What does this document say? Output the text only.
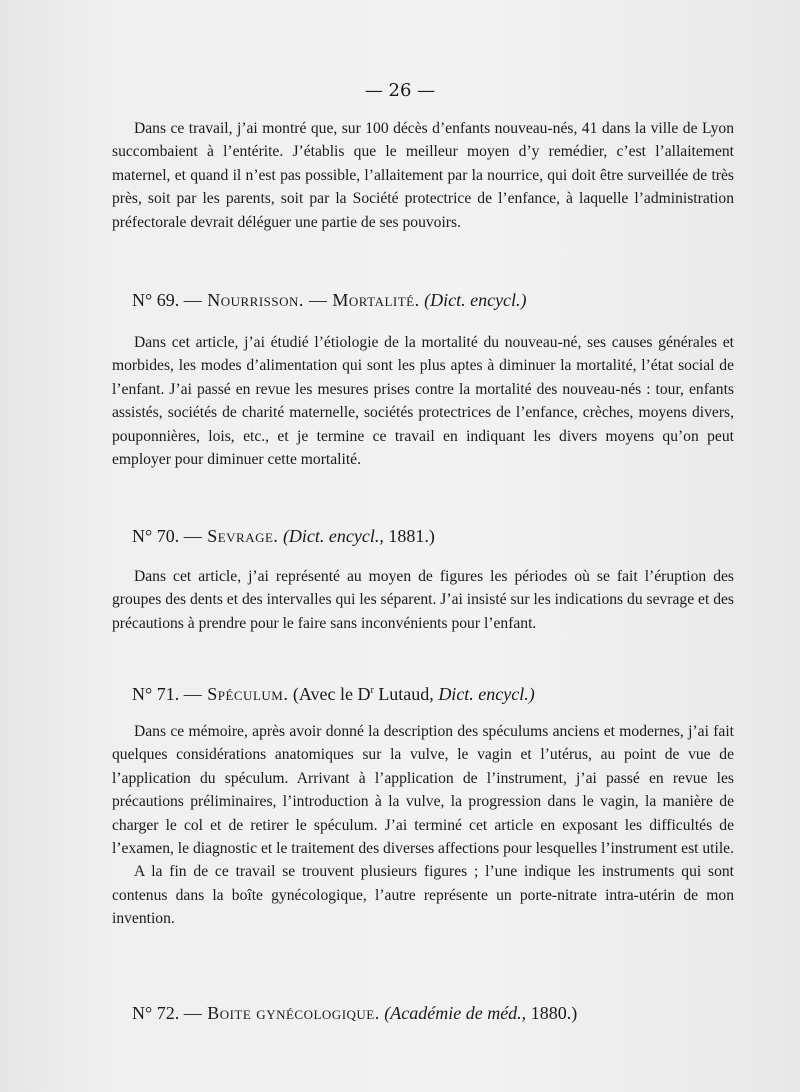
— 26 —

Dans ce travail, j’ai montré que, sur 100 décès d’enfants nouveau-nés, 41 dans la ville de Lyon succombaient à l’entérite. J’établis que le meilleur moyen d’y remédier, c’est l’allaitement maternel, et quand il n’est pas possible, l’allaitement par la nourrice, qui doit être surveillée de très près, soit par les parents, soit par la Société protectrice de l’enfance, à laquelle l’administration préfectorale devrait déléguer une partie de ses pouvoirs.

N° 69. — Nourrisson. — Mortalité. (Dict. encycl.)

Dans cet article, j’ai étudié l’étiologie de la mortalité du nouveau-né, ses causes générales et morbides, les modes d’alimentation qui sont les plus aptes à diminuer la mortalité, l’état social de l’enfant. J’ai passé en revue les mesures prises contre la mortalité des nouveau-nés : tour, enfants assistés, sociétés de charité maternelle, sociétés protectrices de l’enfance, crèches, moyens divers, pouponnières, lois, etc., et je termine ce travail en indiquant les divers moyens qu’on peut employer pour diminuer cette mortalité.

N° 70. — Sevrage. (Dict. encycl., 1881.)

Dans cet article, j’ai représenté au moyen de figures les périodes où se fait l’éruption des groupes des dents et des intervalles qui les séparent. J’ai insisté sur les indications du sevrage et des précautions à prendre pour le faire sans inconvénients pour l’enfant.

N° 71. — Spéculum. (Avec le $D^r$ Lutaud, Dict. encycl.)

Dans ce mémoire, après avoir donné la description des spéculums anciens et modernes, j’ai fait quelques considérations anatomiques sur la vulve, le vagin et l’utérus, au point de vue de l’application du spéculum. Arrivant à l’application de l’instrument, j’ai passé en revue les précautions préliminaires, l’introduction à la vulve, la progression dans le vagin, la manière de charger le col et de retirer le spéculum. J’ai terminé cet article en exposant les difficultés de l’examen, le diagnostic et le traitement des diverses affections pour lesquelles l’instrument est utile.

A la fin de ce travail se trouvent plusieurs figures ; l’une indique les instruments qui sont contenus dans la boîte gynécologique, l’autre représente un porte-nitrate intra-utérin de mon invention.

N° 72. — Boite gynécologique. (Académie de méd., 1880.)
